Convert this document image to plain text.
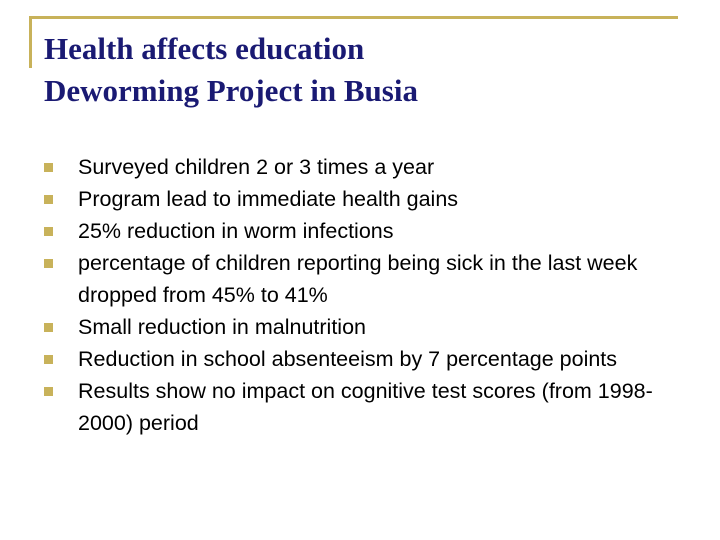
Health affects education
Deworming Project in Busia
Surveyed children 2 or 3 times a year
Program lead to immediate health gains
25% reduction in worm infections
percentage of children reporting being sick in the last week dropped from 45% to 41%
Small reduction in malnutrition
Reduction in school absenteeism by 7 percentage points
Results show no impact on cognitive test scores (from 1998-2000) period
